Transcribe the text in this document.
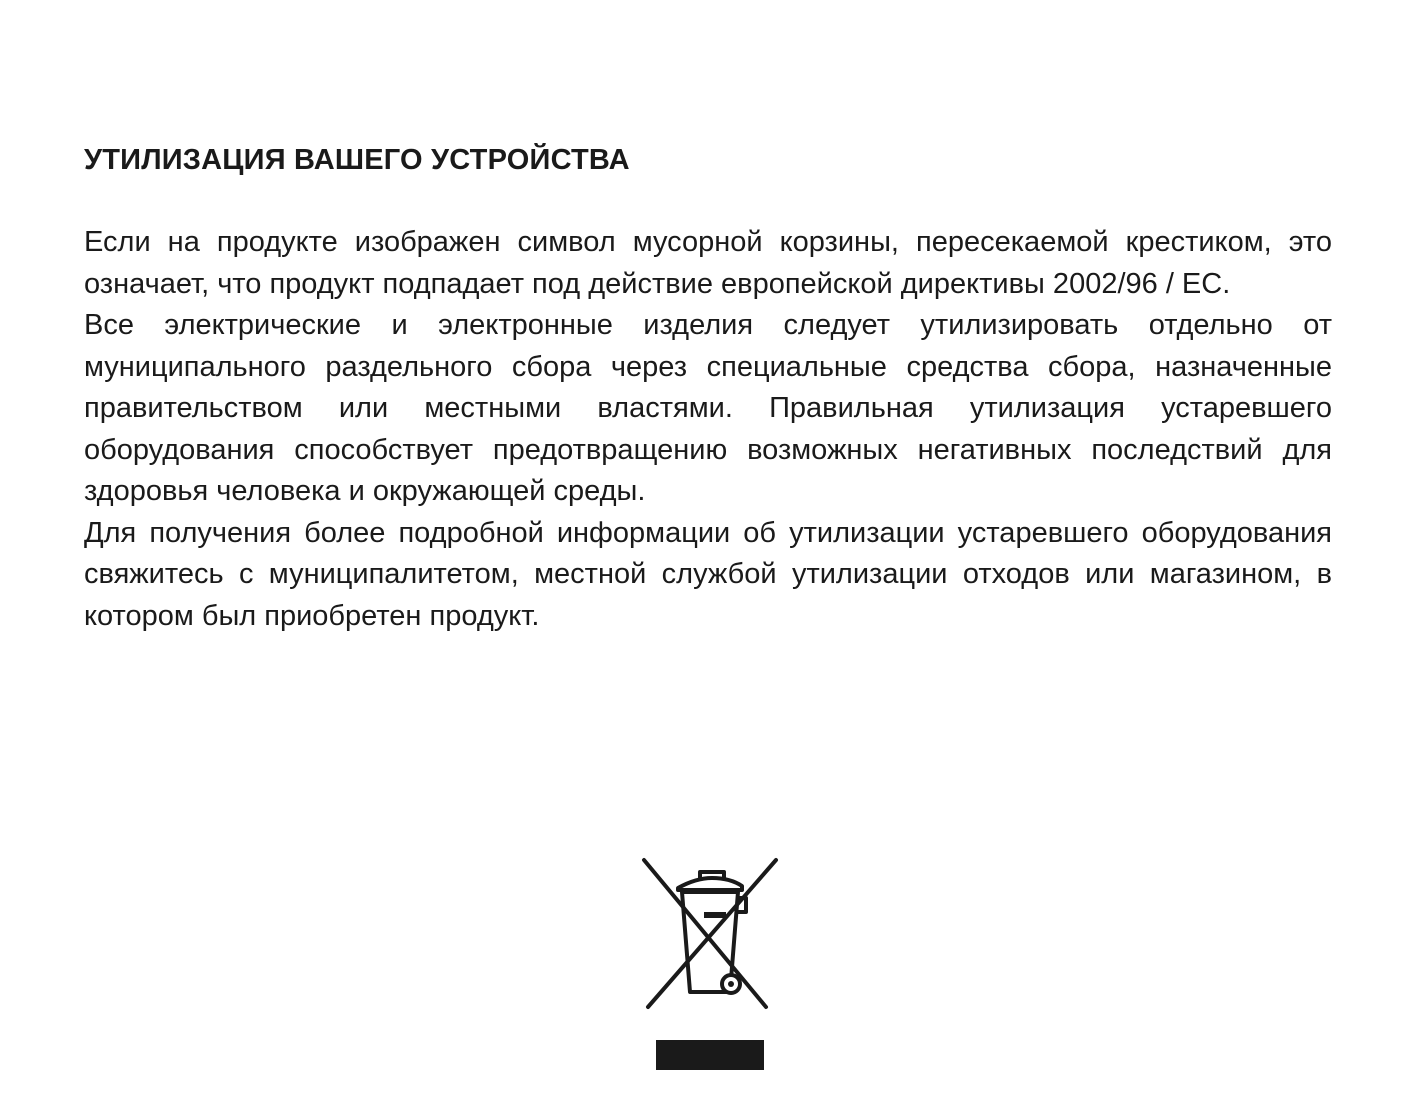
УТИЛИЗАЦИЯ ВАШЕГО УСТРОЙСТВА

Если на продукте изображен символ мусорной корзины, пересекаемой крестиком, это означает, что продукт подпадает под действие европейской директивы 2002/96 / ЕС.

Все электрические и электронные изделия следует утилизировать отдельно от муниципального раздельного сбора через специальные средства сбора, назначенные правительством или местными властями. Правильная утилизация устаревшего оборудования способствует предотвращению возможных негативных последствий для здоровья человека и окружающей среды.

Для получения более подробной информации об утилизации устаревшего оборудования свяжитесь с муниципалитетом, местной службой утилизации отходов или магазином, в котором был приобретен продукт.
